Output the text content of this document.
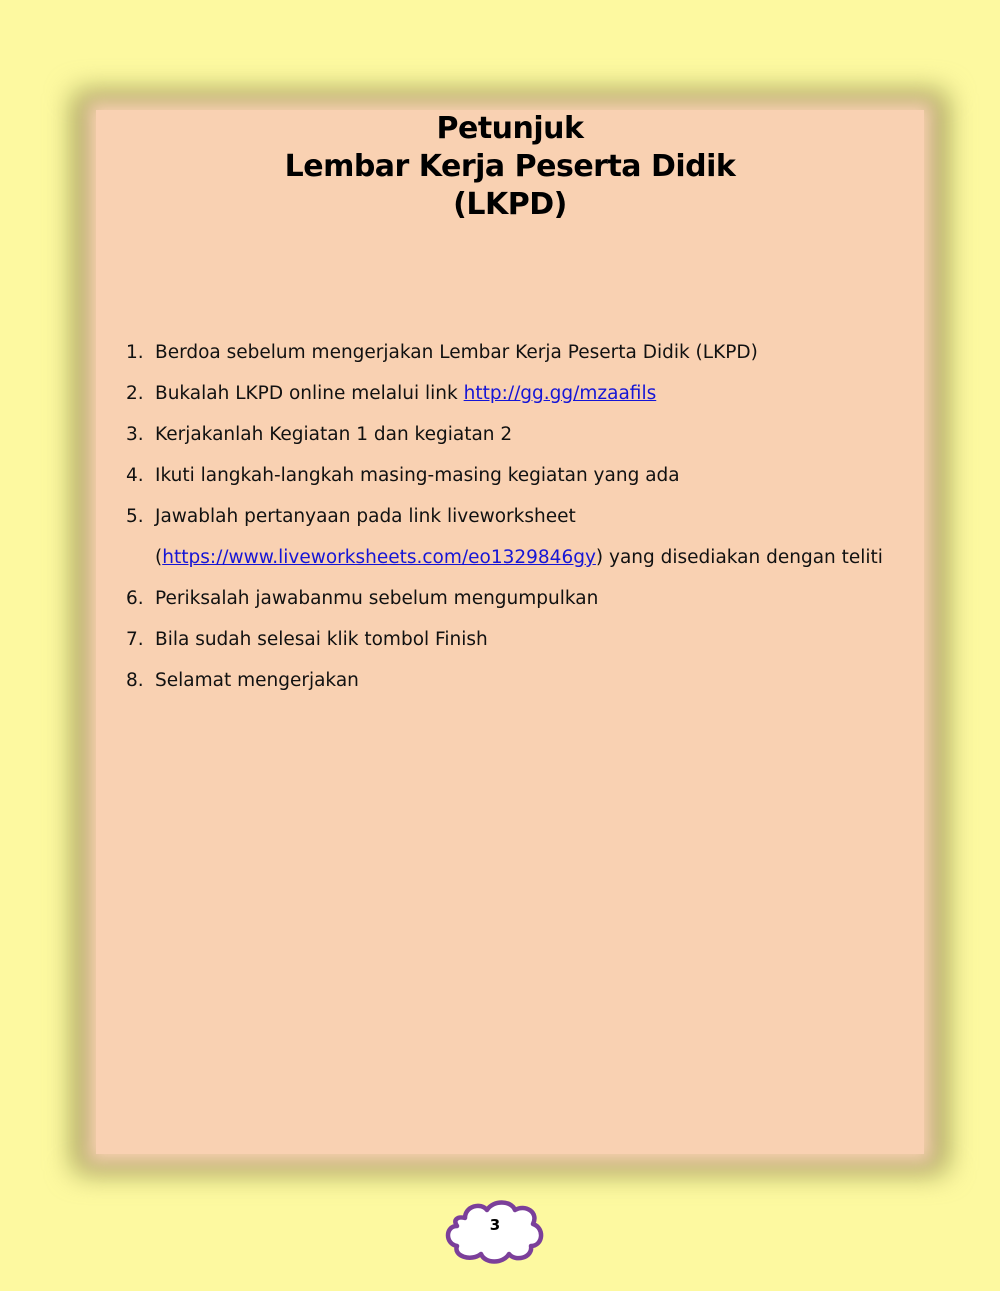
Petunjuk
Lembar Kerja Peserta Didik
(LKPD)
1. Berdoa sebelum mengerjakan Lembar Kerja Peserta Didik (LKPD)
2. Bukalah LKPD online melalui link http://gg.gg/mzaafils
3. Kerjakanlah Kegiatan 1 dan kegiatan 2
4. Ikuti langkah-langkah masing-masing kegiatan yang ada
5. Jawablah pertanyaan pada link liveworksheet
(https://www.liveworksheets.com/eo1329846gy) yang disediakan dengan teliti
6. Periksalah jawabanmu sebelum mengumpulkan
7. Bila sudah selesai klik tombol Finish
8. Selamat mengerjakan
3
